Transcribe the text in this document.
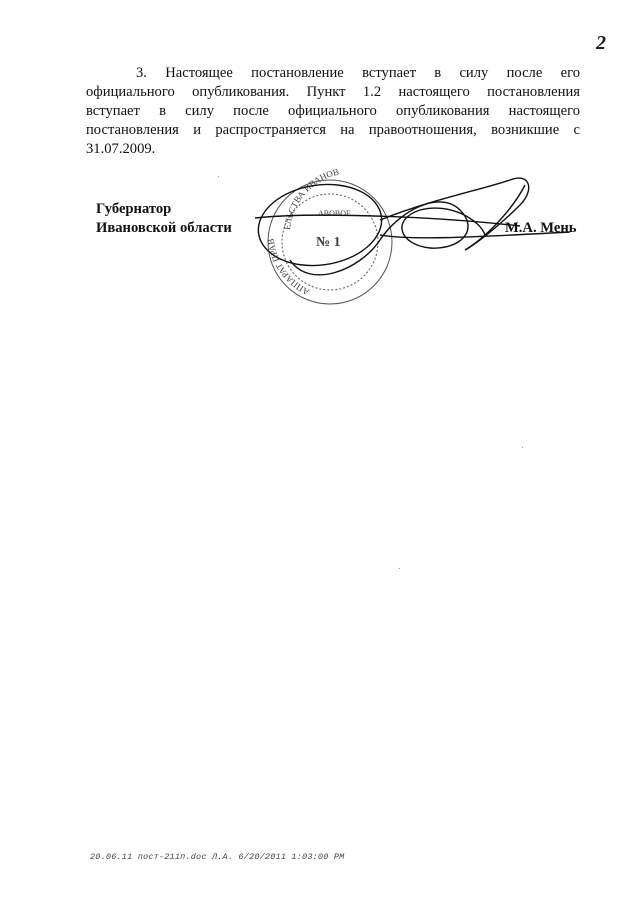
2

3. Настоящее постановление вступает в силу после его

официального опубликования. Пункт 1.2 настоящего постановления

вступает в силу после официального опубликования настоящего

постановления и распространяется на правоотношения, возникшие с

31.07.2009.

Губернатор
Ивановской области	ЕЛЬСТВА ИВАНОВ
АППАРАТ ПРАВ
АВОВОЕ
№ 1
М.А. Мень
20.06.11 пост-211п.doc Л.А. 6/20/2011 1:03:00 PM
